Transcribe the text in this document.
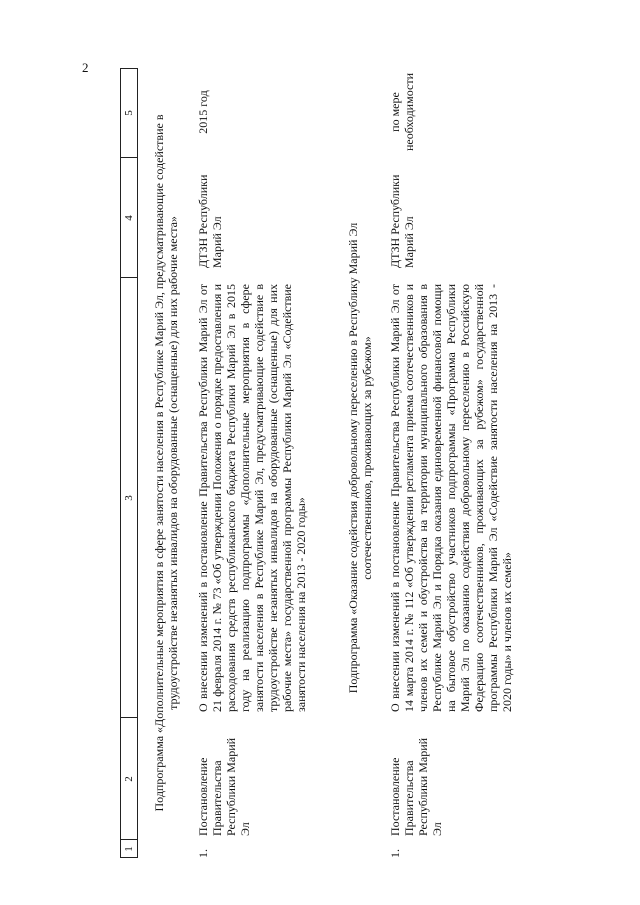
2
1
2
3
4
5
Подпрограмма «Дополнительные мероприятия в сфере занятости населения в Республике Марий Эл, предусматривающие содействие в трудоустройстве незанятых инвалидов на оборудованные (оснащенные) для них рабочие места»
1.
Постановление Правительства Республики Марий Эл
О внесении изменений в постановление Правительства Республики Марий Эл от 21 февраля 2014 г. № 73 «Об утверждении Положения о порядке предоставления и расходования средств республиканского бюджета Республики Марий Эл в 2015 году на реализацию подпрограммы «Дополнительные мероприятия в сфере занятости населения в Республике Марий Эл, предусматривающие содействие в трудоустройстве незанятых инвалидов на оборудованные (оснащенные) для них рабочие места» государственной программы Республики Марий Эл «Содействие занятости населения на 2013 - 2020 годы»
ДТЗН Республики Марий Эл
2015 год
Подпрограмма «Оказание содействия добровольному переселению в Республику Марий Эл соотечественников, проживающих за рубежом»
1.
Постановление Правительства Республики Марий Эл
О внесении изменений в постановление Правительства Республики Марий Эл от 14 марта 2014 г. № 112 «Об утверждении регламента приема соотечественников и членов их семей и обустройства на территории муниципального образования в Республике Марий Эл и Порядка оказания единовременной финансовой помощи на бытовое обустройство участников подпрограммы «Программа Республики Марий Эл по оказанию содействия добровольному переселению в Российскую Федерацию соотечественников, проживающих за рубежом» государственной программы Республики Марий Эл «Содействие занятости населения на 2013 - 2020 годы» и членов их семей»
ДТЗН Республики Марий Эл
по мере необходимости
